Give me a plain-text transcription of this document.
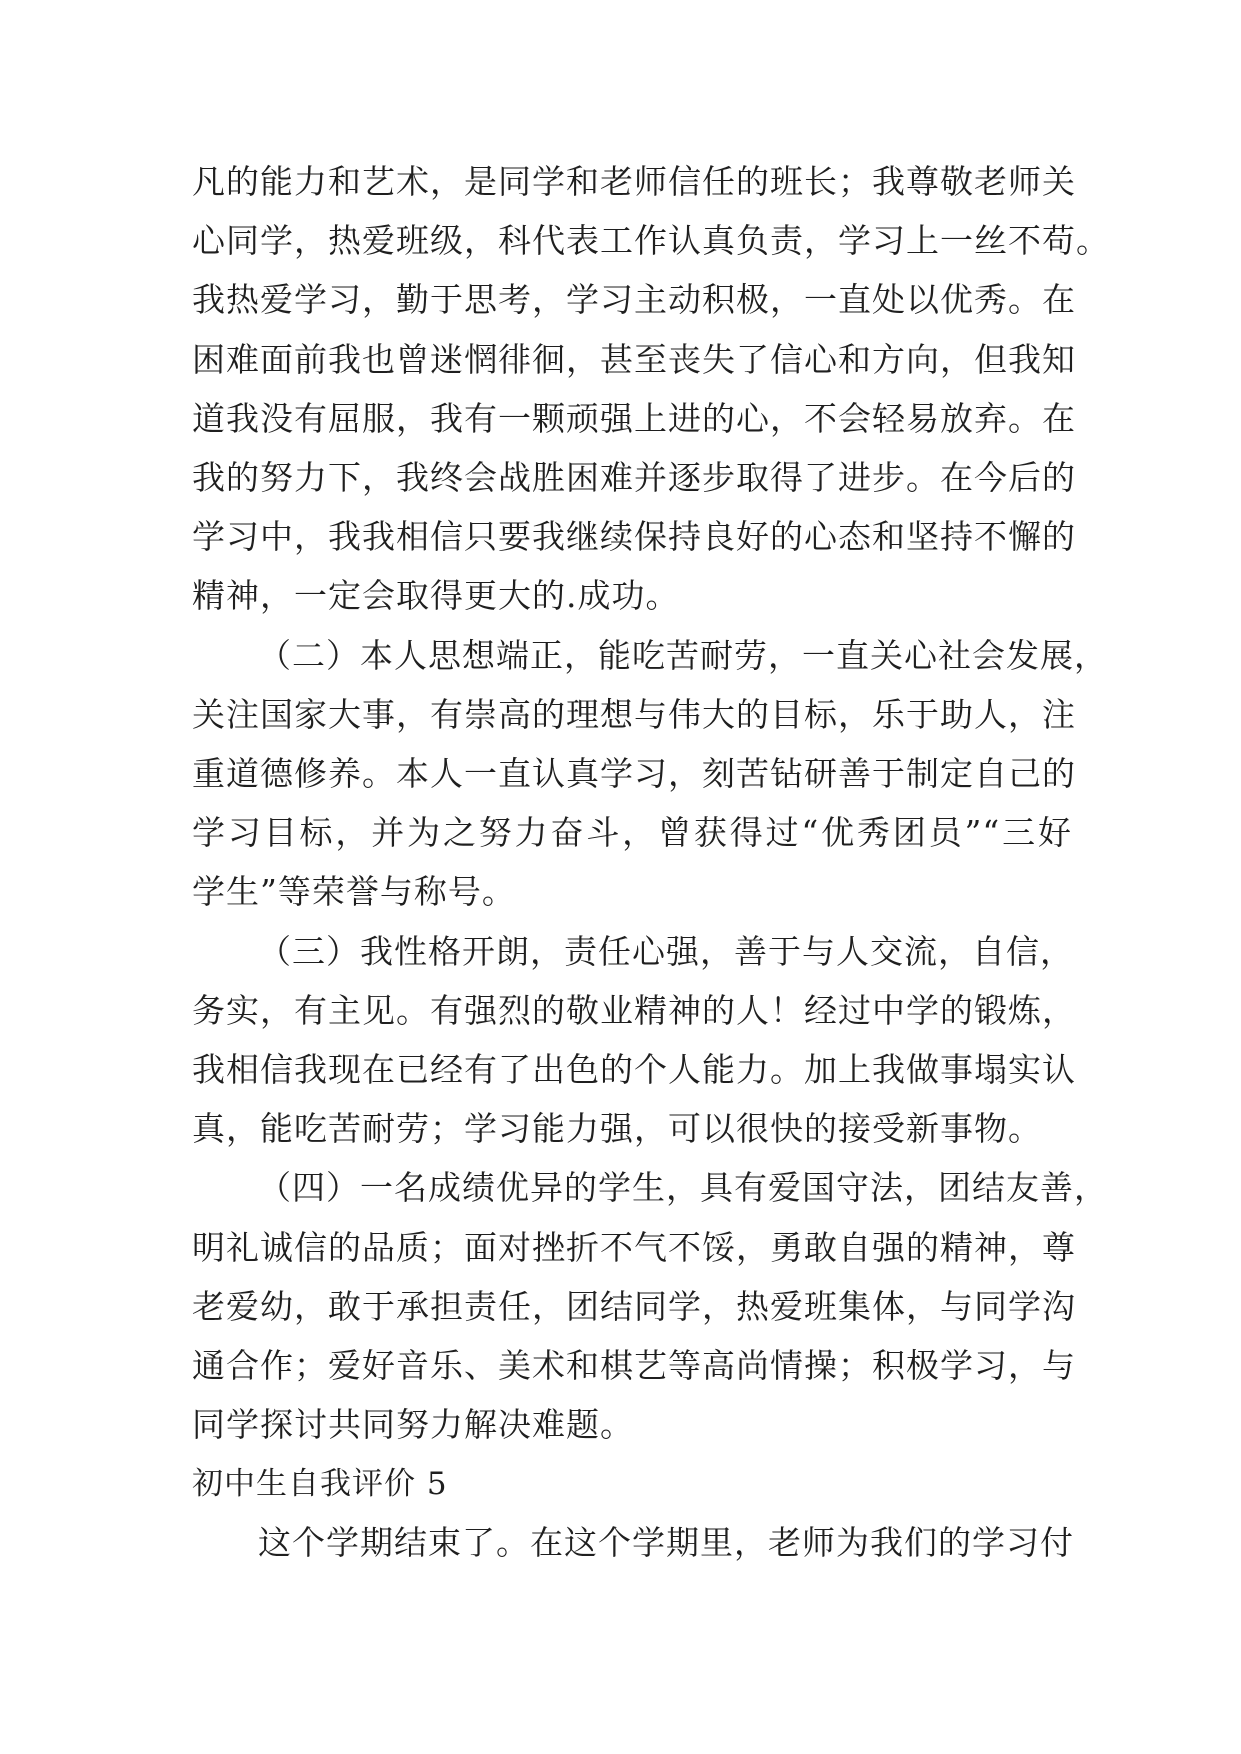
凡的能力和艺术，是同学和老师信任的班长；我尊敬老师关
心同学，热爱班级，科代表工作认真负责，学习上一丝不苟。
我热爱学习，勤于思考，学习主动积极，一直处以优秀。在
困难面前我也曾迷惘徘徊，甚至丧失了信心和方向，但我知
道我没有屈服，我有一颗顽强上进的心，不会轻易放弃。在
我的努力下，我终会战胜困难并逐步取得了进步。在今后的
学习中，我我相信只要我继续保持良好的心态和坚持不懈的
精神，一定会取得更大的.成功。
（二）本人思想端正，能吃苦耐劳，一直关心社会发展，
关注国家大事，有崇高的理想与伟大的目标，乐于助人，注
重道德修养。本人一直认真学习，刻苦钻研善于制定自己的
学习目标，并为之努力奋斗，曾获得过“优秀团员”“三好
学生”等荣誉与称号。
（三）我性格开朗，责任心强，善于与人交流，自信，
务实，有主见。有强烈的敬业精神的人！经过中学的锻炼，
我相信我现在已经有了出色的个人能力。加上我做事塌实认
真，能吃苦耐劳；学习能力强，可以很快的接受新事物。
（四）一名成绩优异的学生，具有爱国守法，团结友善，
明礼诚信的品质；面对挫折不气不馁，勇敢自强的精神，尊
老爱幼，敢于承担责任，团结同学，热爱班集体，与同学沟
通合作；爱好音乐、美术和棋艺等高尚情操；积极学习，与
同学探讨共同努力解决难题。
初中生自我评价 5
这个学期结束了。在这个学期里，老师为我们的学习付
